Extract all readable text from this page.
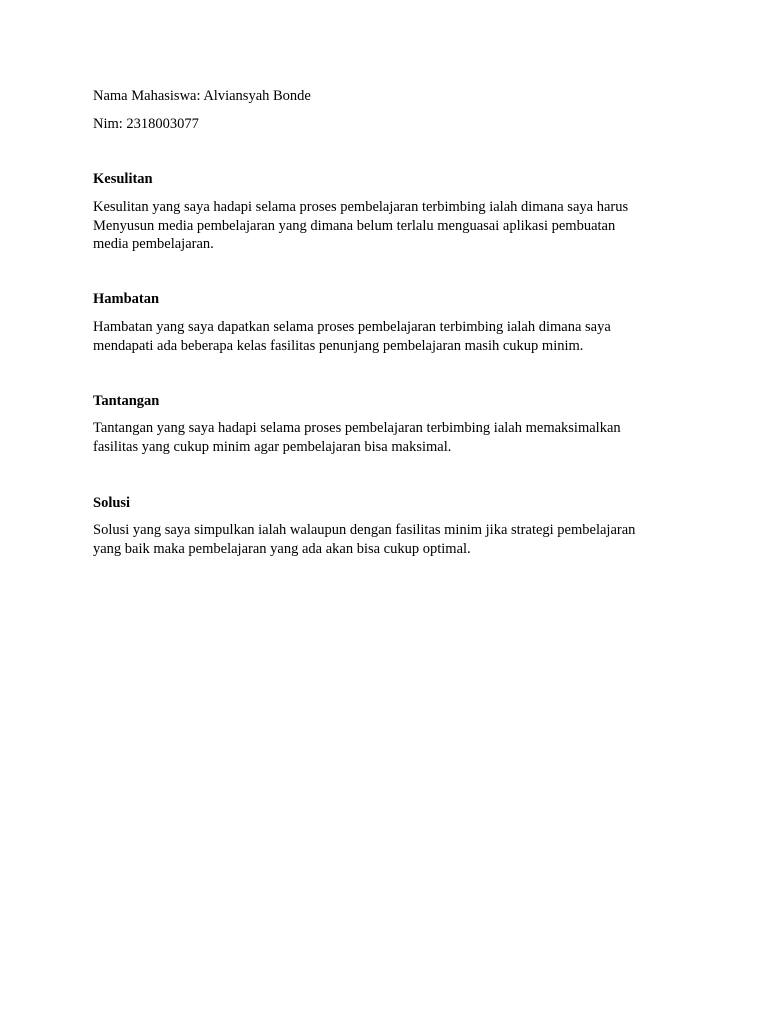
Nama Mahasiswa: Alviansyah Bonde

Nim: 2318003077

Kesulitan

Kesulitan yang saya hadapi selama proses pembelajaran terbimbing ialah dimana saya harus
Menyusun media pembelajaran yang dimana belum terlalu menguasai aplikasi pembuatan
media pembelajaran.

Hambatan

Hambatan yang saya dapatkan selama proses pembelajaran terbimbing ialah dimana saya
mendapati ada beberapa kelas fasilitas penunjang pembelajaran masih cukup minim.

Tantangan

Tantangan yang saya hadapi selama proses pembelajaran terbimbing ialah memaksimalkan
fasilitas yang cukup minim agar pembelajaran bisa maksimal.

Solusi

Solusi yang saya simpulkan ialah walaupun dengan fasilitas minim jika strategi pembelajaran
yang baik maka pembelajaran yang ada akan bisa cukup optimal.
